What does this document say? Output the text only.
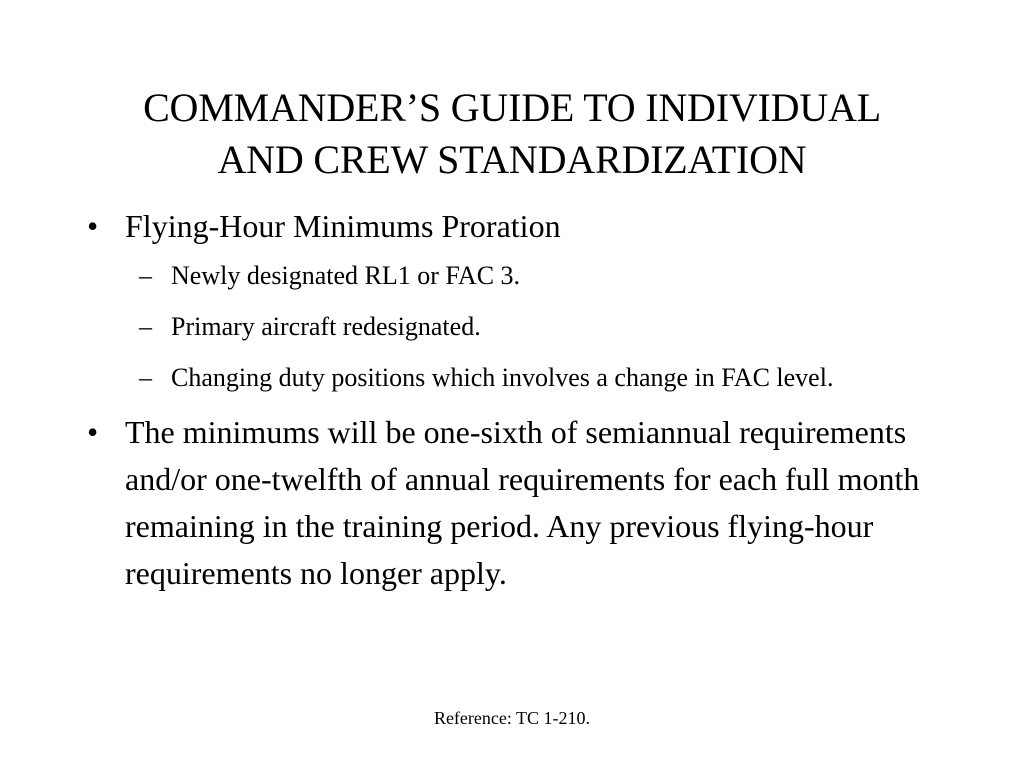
COMMANDER’S GUIDE TO INDIVIDUAL
AND CREW STANDARDIZATION
• Flying-Hour Minimums Proration
– Newly designated RL1 or FAC 3.
– Primary aircraft redesignated.
– Changing duty positions which involves a change in FAC level.
• The minimums will be one-sixth of semiannual requirements and/or one-twelfth of annual requirements for each full month remaining in the training period. Any previous flying-hour requirements no longer apply.
Reference: TC 1-210.
